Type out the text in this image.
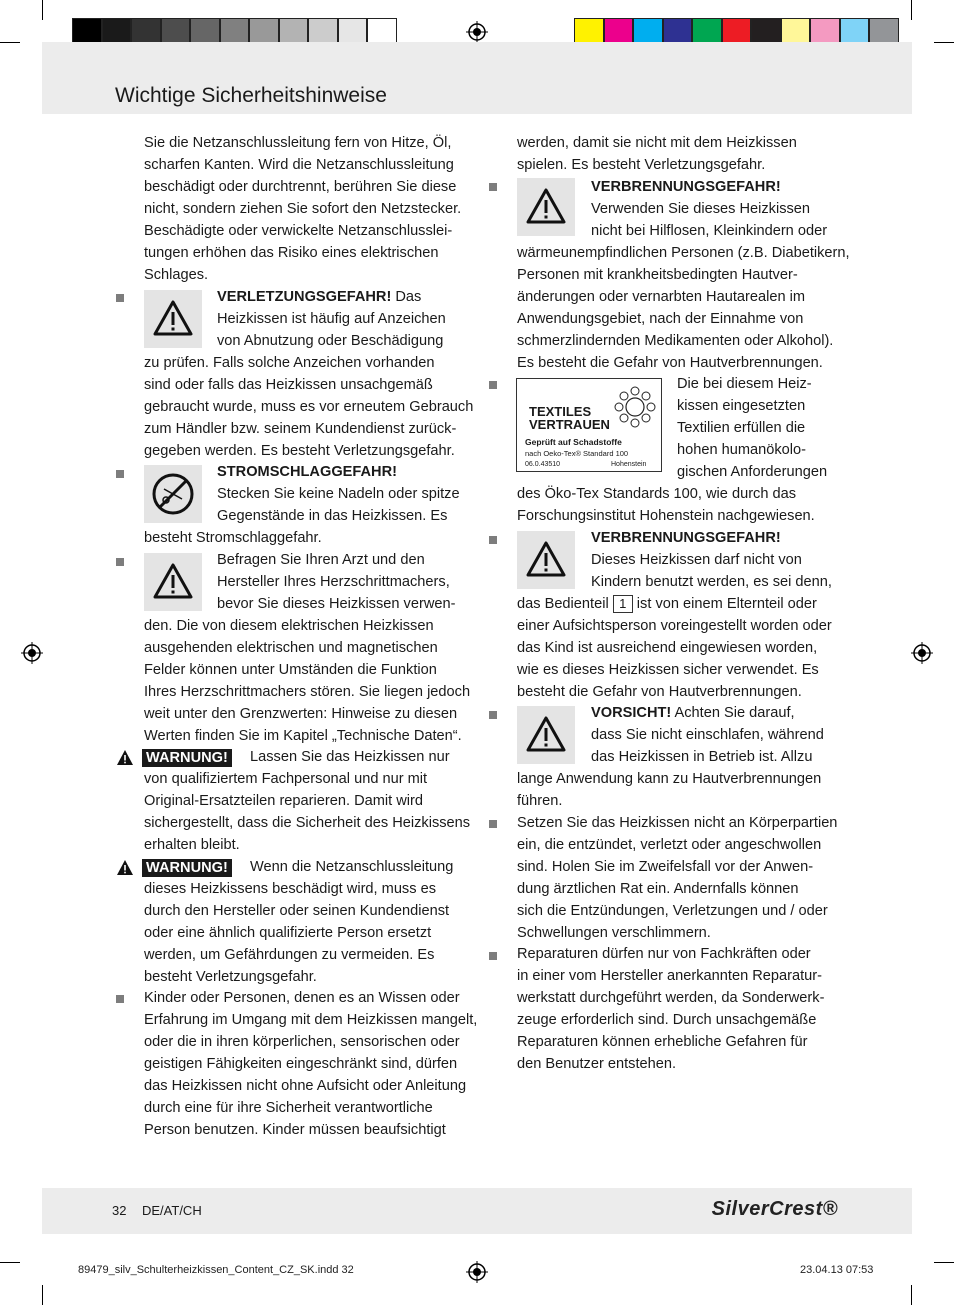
Wichtige Sicherheitshinweise
Sie die Netzanschlussleitung fern von Hitze, Öl,
scharfen Kanten. Wird die Netzanschlussleitung
beschädigt oder durchtrennt, berühren Sie diese
nicht, sondern ziehen Sie sofort den Netzstecker.
Beschädigte oder verwickelte Netzanschlusslei-
tungen erhöhen das Risiko eines elektrischen
Schlages.
VERLETZUNGSGEFAHR! Das
Heizkissen ist häufig auf Anzeichen
von Abnutzung oder Beschädigung
zu prüfen. Falls solche Anzeichen vorhanden
sind oder falls das Heizkissen unsachgemäß
gebraucht wurde, muss es vor erneutem Gebrauch
zum Händler bzw. seinem Kundendienst zurück-
gegeben werden. Es besteht Verletzungsgefahr.
STROMSCHLAGGEFAHR!
Stecken Sie keine Nadeln oder spitze
Gegenstände in das Heizkissen. Es
besteht Stromschlaggefahr.
Befragen Sie Ihren Arzt und den
Hersteller Ihres Herzschrittmachers,
bevor Sie dieses Heizkissen verwen-
den. Die von diesem elektrischen Heizkissen
ausgehenden elektrischen und magnetischen
Felder können unter Umständen die Funktion
Ihres Herzschrittmachers stören. Sie liegen jedoch
weit unter den Grenzwerten: Hinweise zu diesen
Werten finden Sie im Kapitel „Technische Daten“.
WARNUNG! Lassen Sie das Heizkissen nur
von qualifiziertem Fachpersonal und nur mit
Original-Ersatzteilen reparieren. Damit wird
sichergestellt, dass die Sicherheit des Heizkissens
erhalten bleibt.
WARNUNG! Wenn die Netzanschlussleitung
dieses Heizkissens beschädigt wird, muss es
durch den Hersteller oder seinen Kundendienst
oder eine ähnlich qualifizierte Person ersetzt
werden, um Gefährdungen zu vermeiden. Es
besteht Verletzungsgefahr.
Kinder oder Personen, denen es an Wissen oder
Erfahrung im Umgang mit dem Heizkissen mangelt,
oder die in ihren körperlichen, sensorischen oder
geistigen Fähigkeiten eingeschränkt sind, dürfen
das Heizkissen nicht ohne Aufsicht oder Anleitung
durch eine für ihre Sicherheit verantwortliche
Person benutzen. Kinder müssen beaufsichtigt
werden, damit sie nicht mit dem Heizkissen
spielen. Es besteht Verletzungsgefahr.
VERBRENNUNGSGEFAHR!
Verwenden Sie dieses Heizkissen
nicht bei Hilflosen, Kleinkindern oder
wärmeunempfindlichen Personen (z.B. Diabetikern,
Personen mit krankheitsbedingten Hautver-
änderungen oder vernarbten Hautarealen im
Anwendungsgebiet, nach der Einnahme von
schmerzlindernden Medikamenten oder Alkohol).
Es besteht die Gefahr von Hautverbrennungen.
TEXTILES
VERTRAUEN
Geprüft auf Schadstoffe
nach Oeko-Tex® Standard 100
06.0.43510	Hohenstein
Die bei diesem Heiz-
kissen eingesetzten
Textilien erfüllen die
hohen humanökolo-
gischen Anforderungen
des Öko-Tex Standards 100, wie durch das
Forschungsinstitut Hohenstein nachgewiesen.
VERBRENNUNGSGEFAHR!
Dieses Heizkissen darf nicht von
Kindern benutzt werden, es sei denn,
das Bedienteil 1 ist von einem Elternteil oder
einer Aufsichtsperson voreingestellt worden oder
das Kind ist ausreichend eingewiesen worden,
wie es dieses Heizkissen sicher verwendet. Es
besteht die Gefahr von Hautverbrennungen.
VORSICHT! Achten Sie darauf,
dass Sie nicht einschlafen, während
das Heizkissen in Betrieb ist. Allzu
lange Anwendung kann zu Hautverbrennungen
führen.
Setzen Sie das Heizkissen nicht an Körperpartien
ein, die entzündet, verletzt oder angeschwollen
sind. Holen Sie im Zweifelsfall vor der Anwen-
dung ärztlichen Rat ein. Andernfalls können
sich die Entzündungen, Verletzungen und / oder
Schwellungen verschlimmern.
Reparaturen dürfen nur von Fachkräften oder
in einer vom Hersteller anerkannten Reparatur-
werkstatt durchgeführt werden, da Sonderwerk-
zeuge erforderlich sind. Durch unsachgemäße
Reparaturen können erhebliche Gefahren für
den Benutzer entstehen.
32 DE/AT/CH	SilverCrest®
89479_silv_Schulterheizkissen_Content_CZ_SK.indd 32	23.04.13 07:53
